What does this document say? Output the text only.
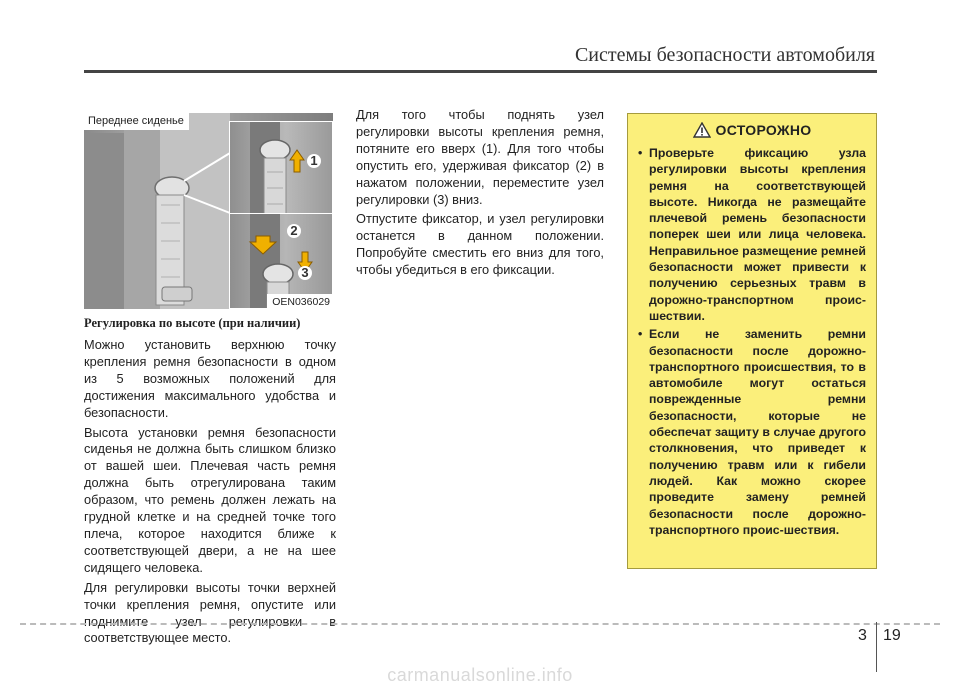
Системы безопасности автомобиля
1
2
3
Переднее сиденье
OEN036029

Регулировка по высоте (при наличии)

Можно установить верхнюю точку крепления ремня безопасности в одном из 5 возможных положений для достижения максимального удобства и безопасности.

Высота установки ремня безопасности сиденья не должна быть слишком близко от вашей шеи. Плечевая часть ремня должна быть отрегулирована таким образом, что ремень должен лежать на грудной клетке и на средней точке того плеча, которое находится ближе к соответствующей двери, а не на шее сидящего человека.

Для регулировки высоты точки верхней точки крепления ремня, опустите или поднимите узел регулировки в соответствующее место.

Для того чтобы поднять узел регулировки высоты крепления ремня, потяните его вверх (1). Для того чтобы опустить его, удерживая фиксатор (2) в нажатом положении, переместите узел регулировки (3) вниз.

Отпустите фиксатор, и узел регулировки останется в данном положении. Попробуйте сместить его вниз для того, чтобы убедиться в его фиксации.

ОСТОРОЖНО
• Проверьте фиксацию узла регулировки высоты крепления ремня на соответствующей высоте. Никогда не размещайте плечевой ремень безопасности поперек шеи или лица человека. Неправильное размещение ремней безопасности может привести к получению серьезных травм в дорожно-транспортном проис-шествии.
• Если не заменить ремни безопасности после дорожно-транспортного происшествия, то в автомобиле могут остаться поврежденные ремни безопасности, которые не обеспечат защиту в случае другого столкновения, что приведет к получению травм или к гибели людей. Как можно скорее проведите замену ремней безопасности после дорожно-транспортного проис-шествия.
3 19
carmanualsonline.info
